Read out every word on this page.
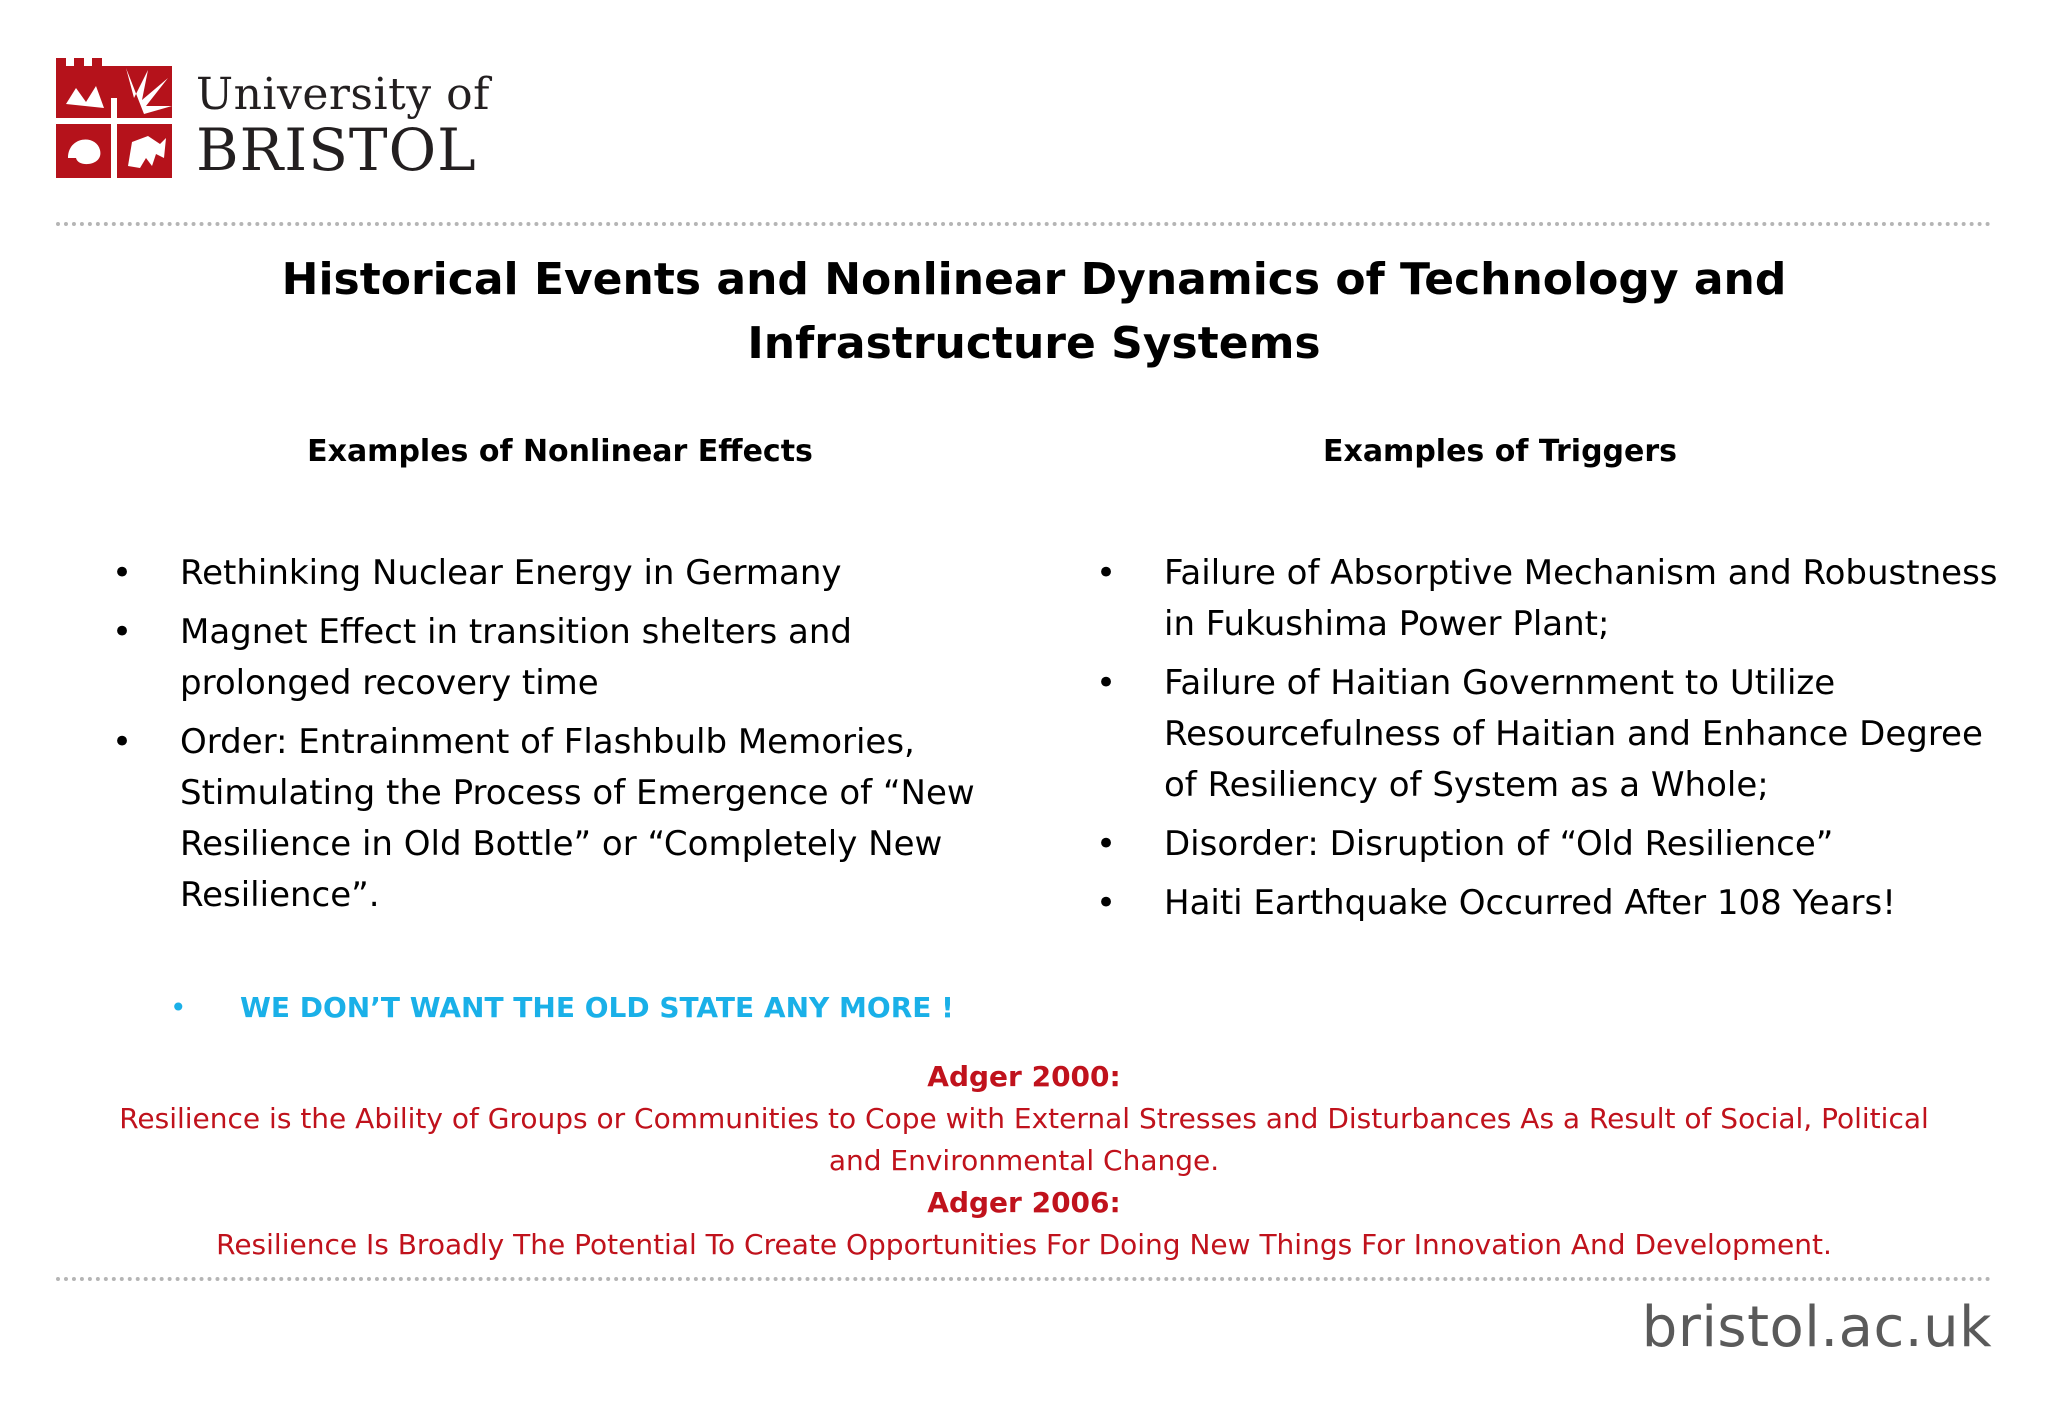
University of
BRISTOL
Historical Events and Nonlinear Dynamics of Technology and Infrastructure Systems
Examples of Nonlinear Effects	Examples of Triggers
• Rethinking Nuclear Energy in Germany
• Magnet Effect in transition shelters and prolonged recovery time
• Order: Entrainment of Flashbulb Memories, Stimulating the Process of Emergence of “New Resilience in Old Bottle” or “Completely New Resilience”.
• Failure of Absorptive Mechanism and Robustness in Fukushima Power Plant;
• Failure of Haitian Government to Utilize Resourcefulness of Haitian and Enhance Degree of Resiliency of System as a Whole;
• Disorder: Disruption of “Old Resilience”
• Haiti Earthquake Occurred After 108 Years!
• WE DON’T WANT THE OLD STATE ANY MORE !
Adger 2000:
Resilience is the Ability of Groups or Communities to Cope with External Stresses and Disturbances As a Result of Social, Political and Environmental Change.
Adger 2006:
Resilience Is Broadly The Potential To Create Opportunities For Doing New Things For Innovation And Development.
bristol.ac.uk
